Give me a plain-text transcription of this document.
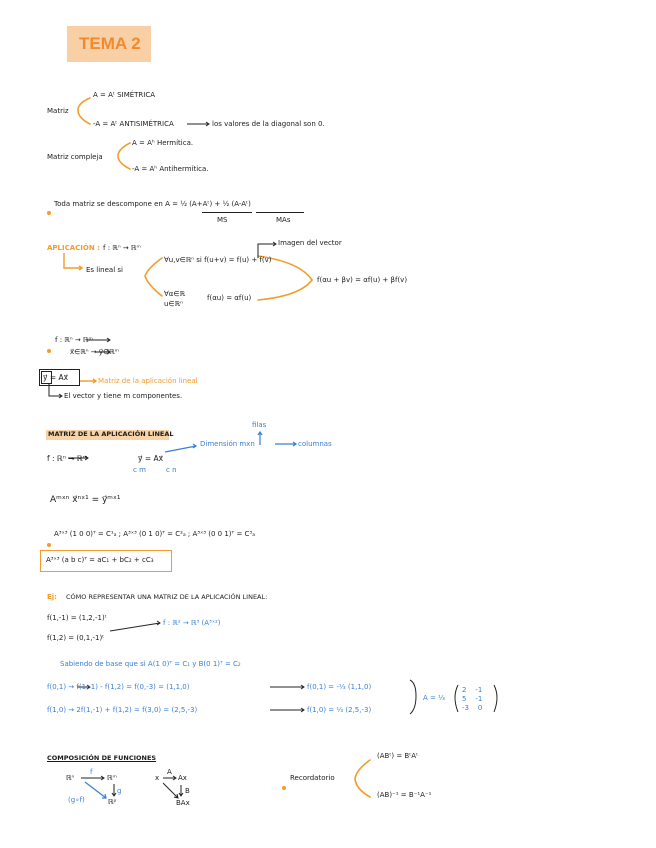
TEMA 2
Matriz
A = Aᵗ SIMÉTRICA
-A = Aᵗ ANTISIMÉTRICA	los valores de la diagonal son 0.
Matriz compleja
A = Aʰ Hermítica.
-A = Aʰ Antihermítica.
Toda matriz se descompone en A = ½ (A+Aᵗ) + ½ (A-Aᵗ)
MS	MAs
APLICACIÓN : f : ℝⁿ → ℝᵐ
Imagen del vector
Es lineal si
∀u,v∈ℝⁿ si f(u+v) = f(u) + f(v)
∀α∈ℝ
u∈ℝⁿ
f(αu) = αf(u)
f(αu + βv) = αf(u) + βf(v)
f : ℝⁿ → ℝᵐ
x⃗∈ℝⁿ → y⃗∈ℝᵐ
y⃗ = Ax⃗	Matriz de la aplicación lineal
El vector y tiene m componentes.
MATRIZ DE LA APLICACIÓN LINEAL
filas
Dimensión mxn	columnas
f : ℝⁿ → ℝᵐ	y⃗ = Ax⃗
c m	c n
Aᵐˣⁿ x⃗ⁿˣ¹ = y⃗ᵐˣ¹
A³ˣ³ (1 0 0)ᵀ = C¹ₐ ; A³ˣ³ (0 1 0)ᵀ = C²ₐ ; A³ˣ³ (0 0 1)ᵀ = C³ₐ
A³ˣ³ (a b c)ᵀ = aC₁ + bC₂ + cC₃
Ej: CÓMO REPRESENTAR UNA MATRIZ DE LA APLICACIÓN LINEAL:
f(1,-1) = (1,2,-1)ᵗ
f(1,2) = (0,1,-1)ᵗ
f : ℝ² → ℝ³ (A³ˣ²)
Sabiendo de base que si A(1 0)ᵀ = C₁ y B(0 1)ᵀ = C₂
f(0,1) → f(1,-1) - f(1,2) = f(0,-3) = (1,1,0)	f(0,1) = -⅓ (1,1,0)
f(1,0) → 2f(1,-1) + f(1,2) = f(3,0) = (2,5,-3)	f(1,0) = ⅓ (2,5,-3)
A = ⅓
2 -1
5 -1
-3 0
COMPOSICIÓN DE FUNCIONES
ℝⁿ	ℝᵐ
ℝᵖ
f
g
(g∘f)
x
A
Ax
B
BAx
Recordatorio
(ABᵗ) = BᵗAᵗ
(AB)⁻¹ = B⁻¹A⁻¹
